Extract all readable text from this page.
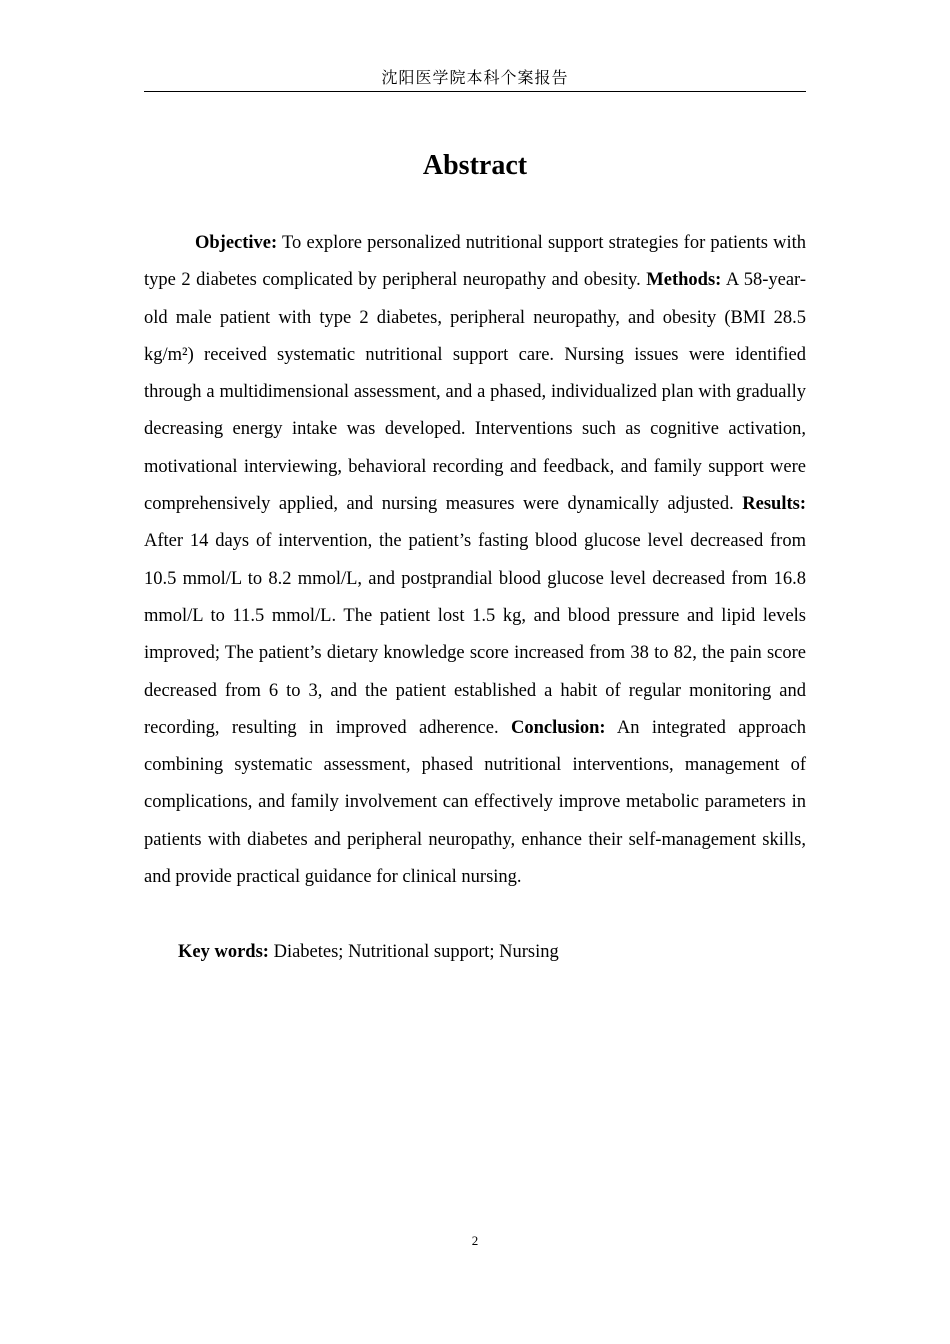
沈阳医学院本科个案报告
Abstract

Objective: To explore personalized nutritional support strategies for patients with type 2 diabetes complicated by peripheral neuropathy and obesity. Methods: A 58-year-old male patient with type 2 diabetes, peripheral neuropathy, and obesity (BMI 28.5 kg/m²) received systematic nutritional support care. Nursing issues were identified through a multidimensional assessment, and a phased, individualized plan with gradually decreasing energy intake was developed. Interventions such as cognitive activation, motivational interviewing, behavioral recording and feedback, and family support were comprehensively applied, and nursing measures were dynamically adjusted. Results: After 14 days of intervention, the patient’s fasting blood glucose level decreased from 10.5 mmol/L to 8.2 mmol/L, and postprandial blood glucose level decreased from 16.8 mmol/L to 11.5 mmol/L. The patient lost 1.5 kg, and blood pressure and lipid levels improved; The patient’s dietary knowledge score increased from 38 to 82, the pain score decreased from 6 to 3, and the patient established a habit of regular monitoring and recording, resulting in improved adherence. Conclusion: An integrated approach combining systematic assessment, phased nutritional interventions, management of complications, and family involvement can effectively improve metabolic parameters in patients with diabetes and peripheral neuropathy, enhance their self-management skills, and provide practical guidance for clinical nursing.

Key words: Diabetes; Nutritional support; Nursing

2
